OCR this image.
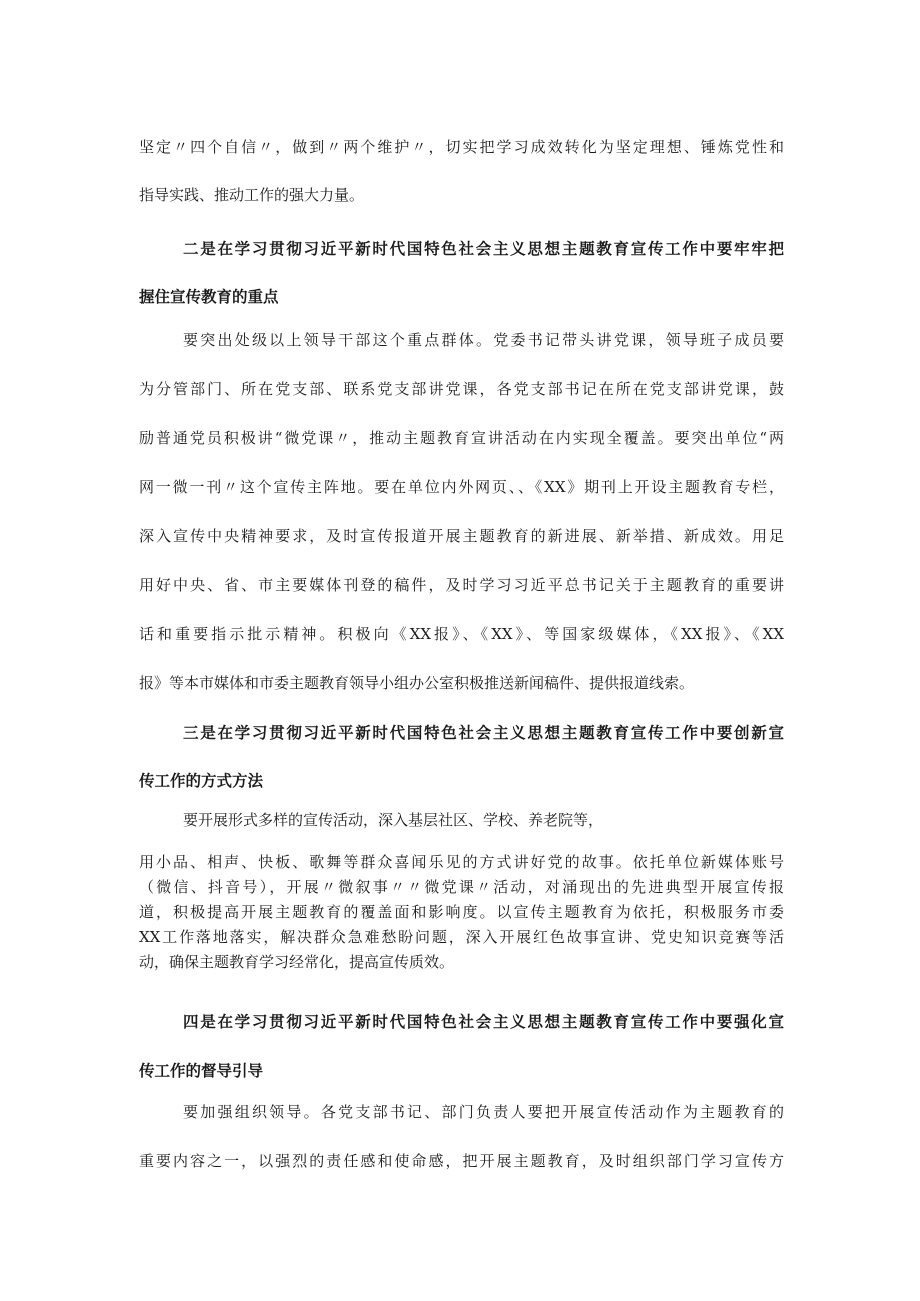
坚定〃四个自信〃，做到〃两个维护〃，切实把学习成效转化为坚定理想、锤炼党性和
指导实践、推动工作的强大力量。
二是在学习贯彻习近平新时代国特色社会主义思想主题教育宣传工作中要牢牢把
握住宣传教育的重点
要突出处级以上领导干部这个重点群体。党委书记带头讲党课，领导班子成员要
为分管部门、所在党支部、联系党支部讲党课，各党支部书记在所在党支部讲党课，鼓
励普通党员积极讲“微党课〃，推动主题教育宣讲活动在内实现全覆盖。要突出单位“两
网一微一刊〃这个宣传主阵地。要在单位内外网页、、《XX》期刊上开设主题教育专栏，
深入宣传中央精神要求，及时宣传报道开展主题教育的新进展、新举措、新成效。用足
用好中央、省、市主要媒体刊登的稿件，及时学习习近平总书记关于主题教育的重要讲
话和重要指示批示精神。积极向《XX报》、《XX》、等国家级媒体，《XX报》、《XX
报》等本市媒体和市委主题教育领导小组办公室积极推送新闻稿件、提供报道线索。
三是在学习贯彻习近平新时代国特色社会主义思想主题教育宣传工作中要创新宣
传工作的方式方法
要开展形式多样的宣传活动，深入基层社区、学校、养老院等，
用小品、相声、快板、歌舞等群众喜闻乐见的方式讲好党的故事。依托单位新媒体账号
（微信、抖音号），开展〃微叙事〃〃微党课〃活动，对涌现出的先进典型开展宣传报
道，积极提高开展主题教育的覆盖面和影响度。以宣传主题教育为依托，积极服务市委
XX工作落地落实，解决群众急难愁盼问题，深入开展红色故事宣讲、党史知识竞赛等活
动，确保主题教育学习经常化，提高宣传质效。
四是在学习贯彻习近平新时代国特色社会主义思想主题教育宣传工作中要强化宣
传工作的督导引导
要加强组织领导。各党支部书记、部门负责人要把开展宣传活动作为主题教育的
重要内容之一，以强烈的责任感和使命感，把开展主题教育，及时组织部门学习宣传方
